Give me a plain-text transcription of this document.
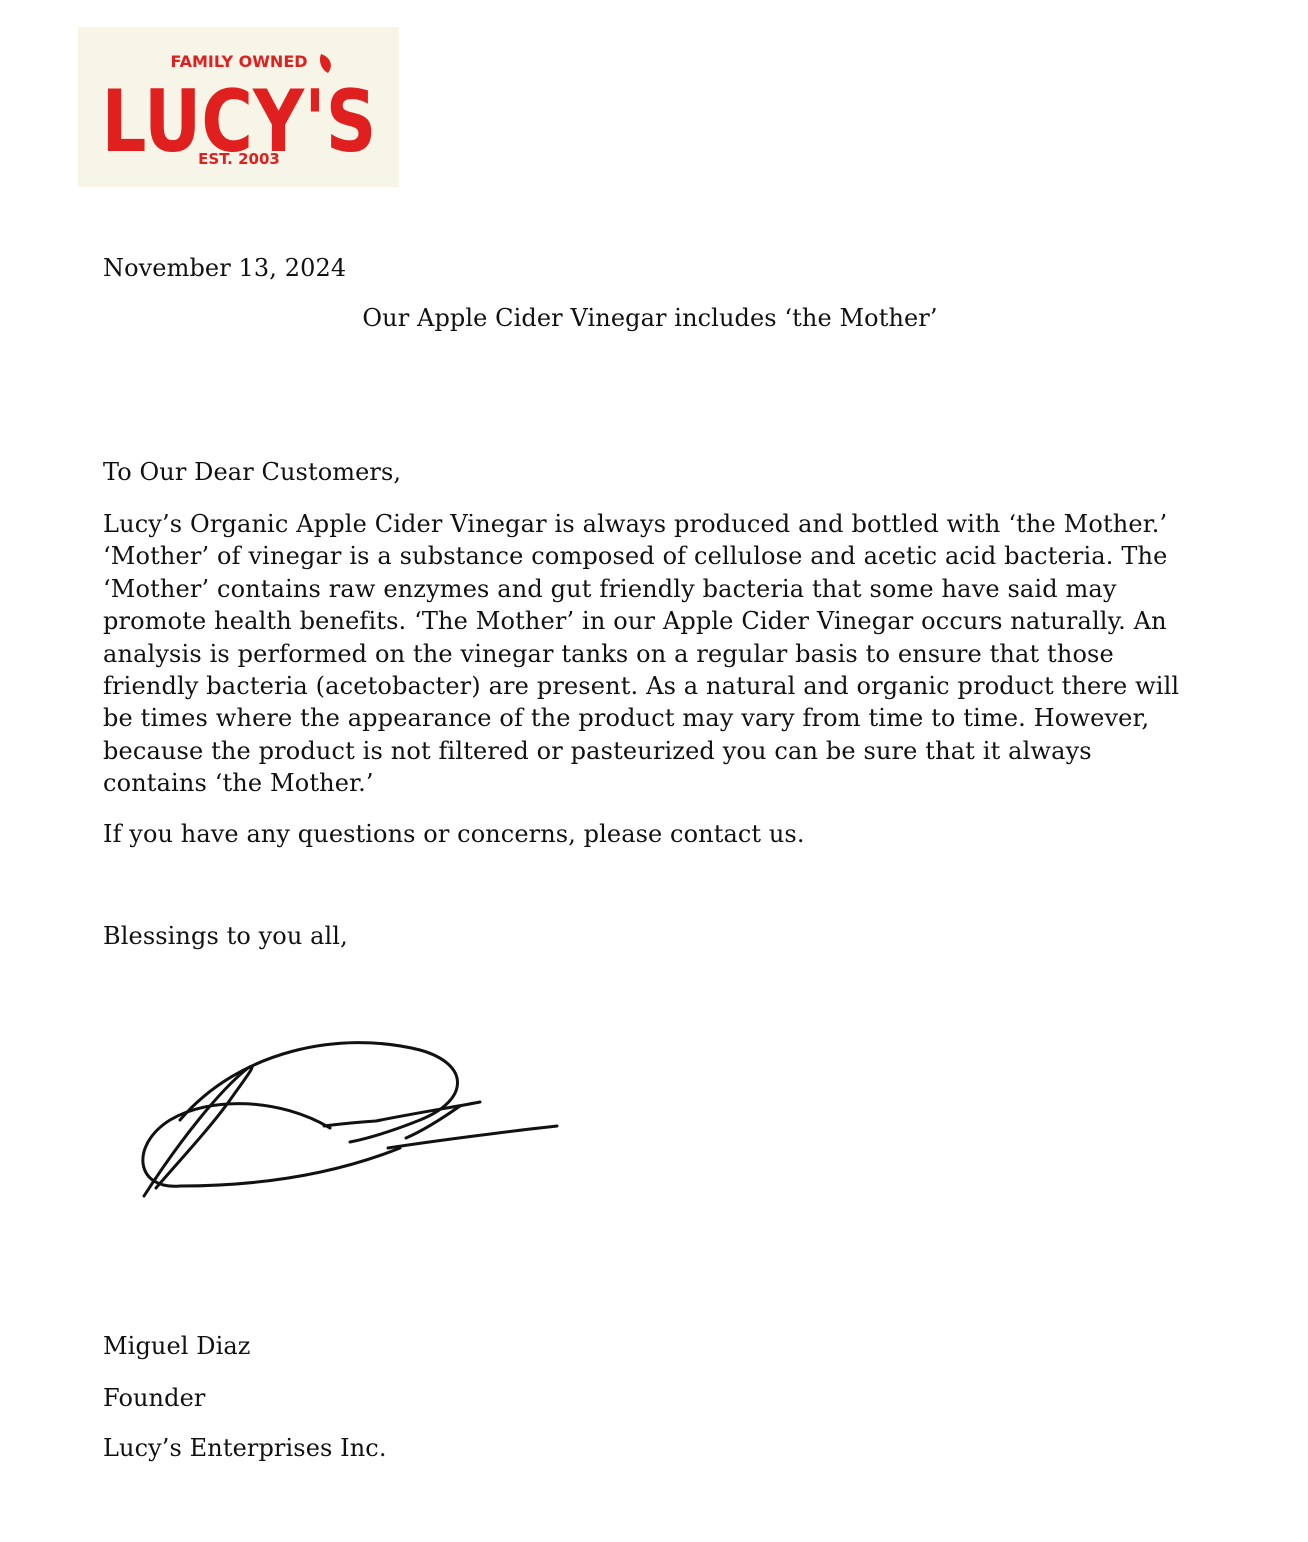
FAMILY OWNED
LUCY'S
EST. 2003
November 13, 2024
Our Apple Cider Vinegar includes ‘the Mother’
To Our Dear Customers,
Lucy’s Organic Apple Cider Vinegar is always produced and bottled with ‘the Mother.’
‘Mother’ of vinegar is a substance composed of cellulose and acetic acid bacteria. The
‘Mother’ contains raw enzymes and gut friendly bacteria that some have said may
promote health benefits. ‘The Mother’ in our Apple Cider Vinegar occurs naturally. An
analysis is performed on the vinegar tanks on a regular basis to ensure that those
friendly bacteria (acetobacter) are present. As a natural and organic product there will
be times where the appearance of the product may vary from time to time. However,
because the product is not filtered or pasteurized you can be sure that it always
contains ‘the Mother.’
If you have any questions or concerns, please contact us.
Blessings to you all,
Miguel Diaz
Founder
Lucy’s Enterprises Inc.
